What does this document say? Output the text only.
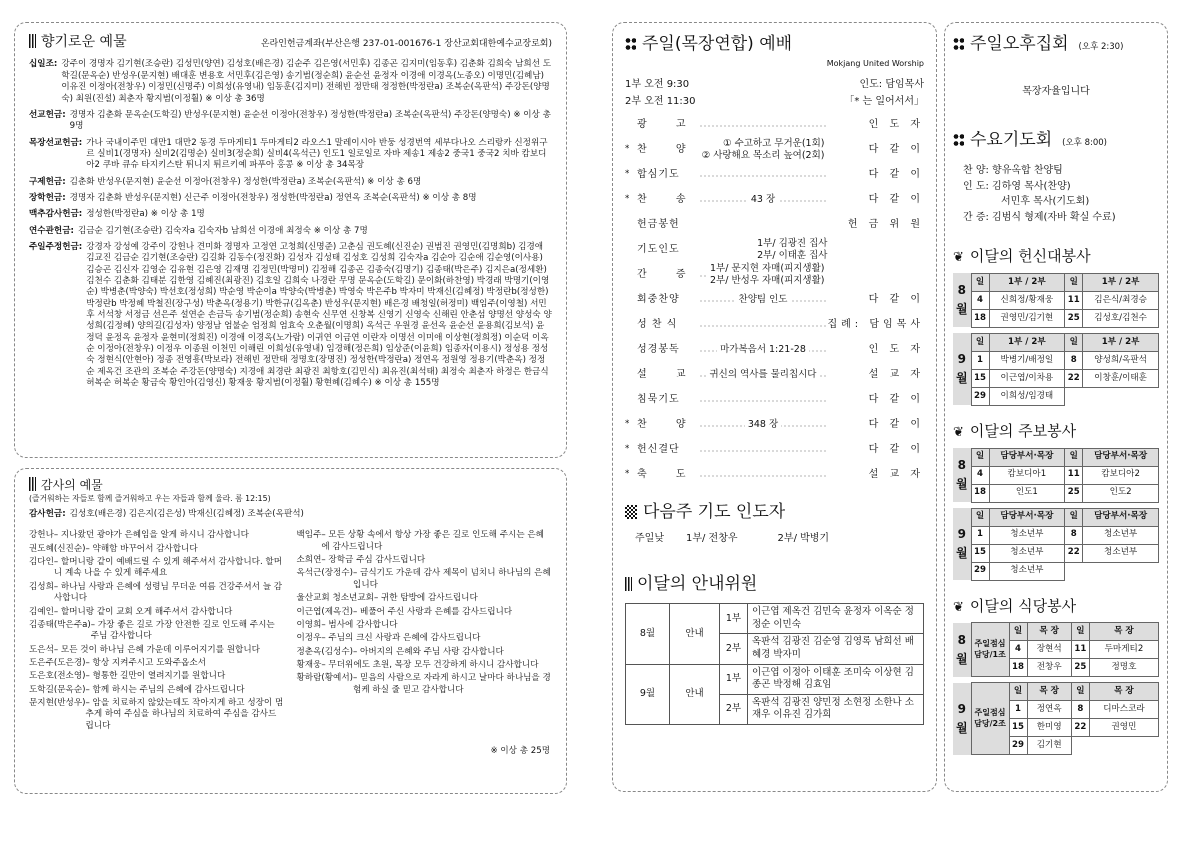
향기로운 예물	온라인헌금계좌(부산은행 237-01-001676-1 장산교회대한예수교장로회)
십일조: 강주이 경명자 김기현(조승란) 김성민(양연) 김성호(배은경) 김순주 김은영(서민후) 김종곤 김지미(임동후) 김춘화 김희숙 남희선 도학길(문옥순) 반성우(문지현) 배대훈 변용호 서민후(김은영) 송기범(정순희) 윤순선 윤정자 이경애 이경옥(노종오) 이명민(김혜남) 이유진 이정아(전창우) 이정민(신명주) 이희성(유영내) 임동훈(김지미) 전해빈 정만태 정정한(박정란a) 조복순(옥판석) 주강돈(양명숙) 최원(진설) 최춘자 황지범(이정훨) ※ 이상 총 36명
선교헌금: 경명자 김춘화 문옥순(도학길) 반성우(문지현) 윤순선 이정아(전창우) 정성한(박정란a) 조복순(옥판석) 주강돈(양명숙) ※ 이상 총 9명
목장선교헌금: 가나 국내이주민 대만1 대만2 동경 두마게티1 두마게티2 라오스1 말레이시아 반둥 성경번역 세부다나오 스리랑카 신정위구르 실비1(경명자) 실비2(김명순) 실비3(정순희) 실비4(옥석근) 인도1 일로일로 자바 제송1 제송2 중국1 중국2 치바 캄보디아2 쿠바 큐슈 타지키스탄 튀니지 튀르키예 파푸아 홍콩 ※ 이상 총 34목장
구제헌금: 김춘화 반성우(문지현) 윤순선 이정아(전창우) 정성한(박정란a) 조복순(옥판석) ※ 이상 총 6명
장학헌금: 경명자 김춘화 반성우(문지현) 신근주 이정아(전창우) 정성한(박정란a) 정연옥 조복순(옥판석) ※ 이상 총 8명
맥추감사헌금: 정성한(박정란a) ※ 이상 총 1명
연수관헌금: 김금순 김기현(조승란) 김숙자a 김숙자b 남희선 이경애 최정숙 ※ 이상 총 7명
주일주정헌금: 강경자 강성예 강주이 강헌나 견미화 경명자 고정연 고청희(신명준) 고춘심 권도혜(신진순) 권범진 권영민(김명희b) 김경애 김교진 김금순 김기현(조승란) 김길화 김동수(정진화) 김성자 김성태 김성호 김성희 김숙자a 김순아 김순애 김순영(이사용) 김승곤 김신자 김영순 김유현 김은영 김재명 김정민(박명미) 김정해 김종곤 김종숙(김명기) 김종태(박은주) 김지은a(정세환) 김천수 김춘화 김태분 김한영 김혜진(최광진) 김호일 김희숙 나경란 무명 문옥순(도학길) 문이화(하찬영) 박경래 박명기(이영순) 박병춘(박양숙) 박선호(정성희) 박순영 박순이a 박양숙(박병춘) 박영숙 박은주b 박자미 박재신(김혜정) 박정란b(정성한) 박정란b 박정혜 박철진(장구성) 박춘옥(정용기) 박한규(김옥춘) 반성우(문지현) 배은경 배청일(허정미) 백임주(이영철) 서민후 서석창 서정금 선은주 설연순 손금득 송기범(정순희) 송현숙 신무연 신창복 신영기 신영숙 신해린 안춘섬 양명선 양성숙 양성희(김정혜) 양의길(김성자) 양정남 엄불순 엄정희 엄효숙 오춘월(이명희) 옥석근 우원경 윤선옥 윤순선 윤용희(김보석) 윤정덕 윤정옥 윤정자 윤현미(정희진) 이경애 이경옥(노가람) 이귀연 이금연 이란자 이명선 이미애 이상현(정희정) 이순덕 이옥순 이정아(전창우) 이정우 이종원 이천민 이해린 이희성(유영내) 임경해(정은희) 임상준(이윤희) 임종자(이용시) 정성용 정성숙 정현식(안현아) 정종 전영흥(박보라) 전해빈 정만태 정명호(장명진) 정성한(박정란a) 정연옥 정원영 정용기(박춘옥) 정정순 제옥건 조관의 조복순 주강돈(양명숙) 지경애 최경란 최광진 최항호(김민식) 최유진(최석태) 최정숙 최춘자 하정은 한금식 허복순 허복순 황금숙 황인아(김영신) 황재웅 황지범(이정훨) 황현혜(김혜수) ※ 이상 총 155명
감사의 예물
(즐거워하는 자들로 함께 즐거워하고 우는 자들과 함께 울라. 롬 12:15)
감사헌금: 김성호(배은경) 김은지(김은성) 박재신(김혜정) 조복순(옥판석)
강헌나 – 지나왔던 광야가 은혜임을 알게 하시니 감사합니다
권도혜(신진순) – 약해함 바꾸어서 감사합니다
김다인 – 할머니랑 같이 예배드릴 수 있게 해주셔서 감사합니다. 할머니 계속 나을 수 있게 해주세요
김성희 – 하나님 사랑과 은혜에 성령님 무더운 여름 건강주셔서 늘 감사합니다
김예인 – 할머니랑 같이 교회 오게 해주셔서 감사합니다
김종태(박은주a) – 가장 좋은 길로 가장 안전한 길로 인도해 주시는 주님 감사합니다
도은석 – 모든 것이 하나님 은혜 가운데 이루어지기를 원합니다
도은주(도은경) – 항상 지켜주시고 도와주옵소서
도은호(전소영) – 형통한 길만이 열려지기를 원합니다
도학길(문옥순) – 함께 하시는 주님의 은혜에 감사드립니다
문지현(반성우) – 암을 치료하지 않았는데도 작아지게 하고 성장이 멈추게 하여 주심을 하나님의 치료하여 주심을 감사드립니다
백임주 – 모든 상황 속에서 항상 가장 좋은 길로 인도해 주시는 은혜에 감사드립니다
소희연 – 장학금 주심 감사드립니다
옥석근(장정수) – 금식기도 가운데 감사 제목이 넘치니 하나님의 은혜입니다
울산교회 청소년교회 – 귀한 탐방에 감사드립니다
이근엽(제옥건) – 베풀어 주신 사랑과 은혜를 감사드립니다
이영희 – 범사에 감사합니다
이정우 – 주님의 크신 사랑과 은혜에 감사드립니다
정춘옥(김성수) – 아버지의 은혜와 주님 사랑 감사합니다
황재웅 – 무더위에도 초원, 목장 모두 건강하게 하시니 감사합니다
황하람(황예서) – 믿음의 사람으로 자라게 하시고 날마다 하나님을 경험케 하실 줄 믿고 감사합니다
※ 이상 총 25명
주일(목장연합) 예배
Mokjang United Worship
1부 오전 9:30	인도: 담임목사
2부 오전 11:30	「* 는 일어서서」
	광 고		인 도 자
*	찬 양	① 수고하고 무거운(1회)
② 사랑해요 목소리 높여(2회)	다 같 이
*	합심기도		다 같 이
*	찬 송	43 장	다 같 이
	헌금봉헌		헌 금 위 원
	기도인도	1부/ 김광진 집사
2부/ 이태훈 집사	
	간 증	1부/ 문지현 자매(피지생활)
2부/ 반성우 자매(피지생활)	
	회중찬양	찬양팀 인도	다 같 이
	성 찬 식		집례: 담임목사
	성경봉독	마가복음서 1:21-28	인 도 자
	설 교	귀신의 역사를 물리칩시다	설 교 자
	침묵기도		다 같 이
*	찬 양	348 장	다 같 이
*	헌신결단		다 같 이
*	축 도		설 교 자
다음주 기도 인도자
주일낮 1부/ 전창우	2부/ 박병기
이달의 안내위원
8월	안내	1부	이근엽 제옥건 김민숙 윤정자 이옥순 정정순 이민숙
		2부	옥판석 김광진 김순영 김영록 남희선 배혜경 박자미
9월	안내	1부	이근엽 이정아 이태훈 조미숙 이상현 김종곤 박정해 김효임
		2부	옥판석 김광진 양민정 소현정 소한나 소재우 이유진 김가희
주일오후집회 (오후 2:30)
목장자율입니다
수요기도회 (오후 8:00)
찬 양: 향유옥합 찬양팀
인 도: 김하영 목사(찬양)
서민후 목사(기도회)
간 증: 김범식 형제(자바 확실 수료)
❦ 이달의 헌신대봉사
8월	일	1부 / 2부	일	1부 / 2부
	4	신희정/황재웅	11	김은식/최경승
	18	권영민/김기현	25	김성호/김천수

9월	일	1부 / 2부	일	1부 / 2부
	1	박병기/배정일	8	양성희/옥판석
	15	이근엽/이차용	22	이창훈/이태훈
	29	이희성/임경태		
❦ 이달의 주보봉사
8월	일	담당부서·목장	일	담당부서·목장
	4	캄보디아1	11	캄보디아2
	18	인도1	25	인도2

9월	일	담당부서·목장	일	담당부서·목장
	1	청소년부	8	청소년부
	15	청소년부	22	청소년부
	29	청소년부		
❦ 이달의 식당봉사
8월	주일점심
담당/1조	일	목 장	일	목 장
		4	장현석	11	두마게티2
		18	전창우	25	정명호

9월	주일점심
담당/2조	일	목 장	일	목 장
		1	정연옥	8	디마스코라
		15	한미영	22	권영민
		29	김기현		
